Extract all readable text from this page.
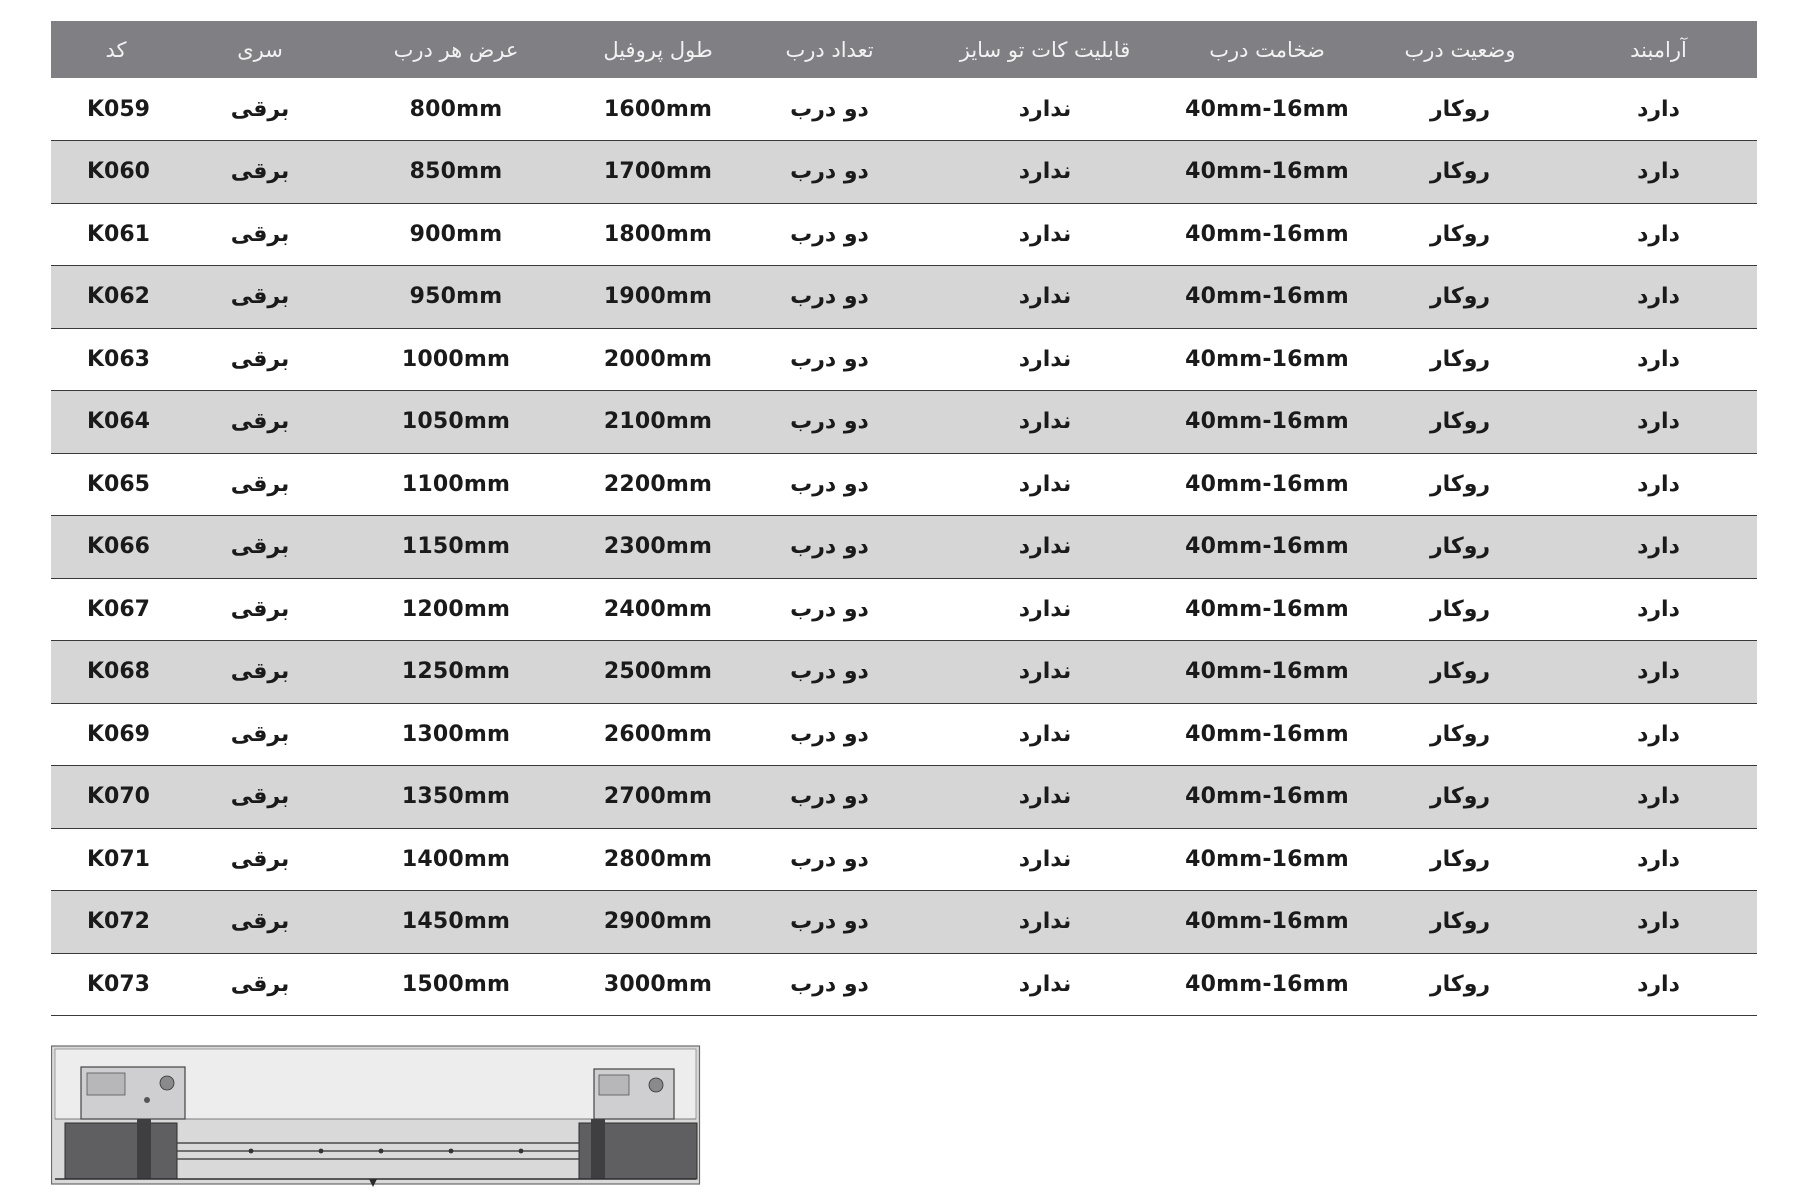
کد	سری	عرض هر درب	طول پروفیل	تعداد درب	قابلیت کات تو سایز	ضخامت درب	وضعیت درب	آرامبند
K059	برقی	800mm	1600mm	دو درب	ندارد	40mm-16mm	روکار	دارد
K060	برقی	850mm	1700mm	دو درب	ندارد	40mm-16mm	روکار	دارد
K061	برقی	900mm	1800mm	دو درب	ندارد	40mm-16mm	روکار	دارد
K062	برقی	950mm	1900mm	دو درب	ندارد	40mm-16mm	روکار	دارد
K063	برقی	1000mm	2000mm	دو درب	ندارد	40mm-16mm	روکار	دارد
K064	برقی	1050mm	2100mm	دو درب	ندارد	40mm-16mm	روکار	دارد
K065	برقی	1100mm	2200mm	دو درب	ندارد	40mm-16mm	روکار	دارد
K066	برقی	1150mm	2300mm	دو درب	ندارد	40mm-16mm	روکار	دارد
K067	برقی	1200mm	2400mm	دو درب	ندارد	40mm-16mm	روکار	دارد
K068	برقی	1250mm	2500mm	دو درب	ندارد	40mm-16mm	روکار	دارد
K069	برقی	1300mm	2600mm	دو درب	ندارد	40mm-16mm	روکار	دارد
K070	برقی	1350mm	2700mm	دو درب	ندارد	40mm-16mm	روکار	دارد
K071	برقی	1400mm	2800mm	دو درب	ندارد	40mm-16mm	روکار	دارد
K072	برقی	1450mm	2900mm	دو درب	ندارد	40mm-16mm	روکار	دارد
K073	برقی	1500mm	3000mm	دو درب	ندارد	40mm-16mm	روکار	دارد
